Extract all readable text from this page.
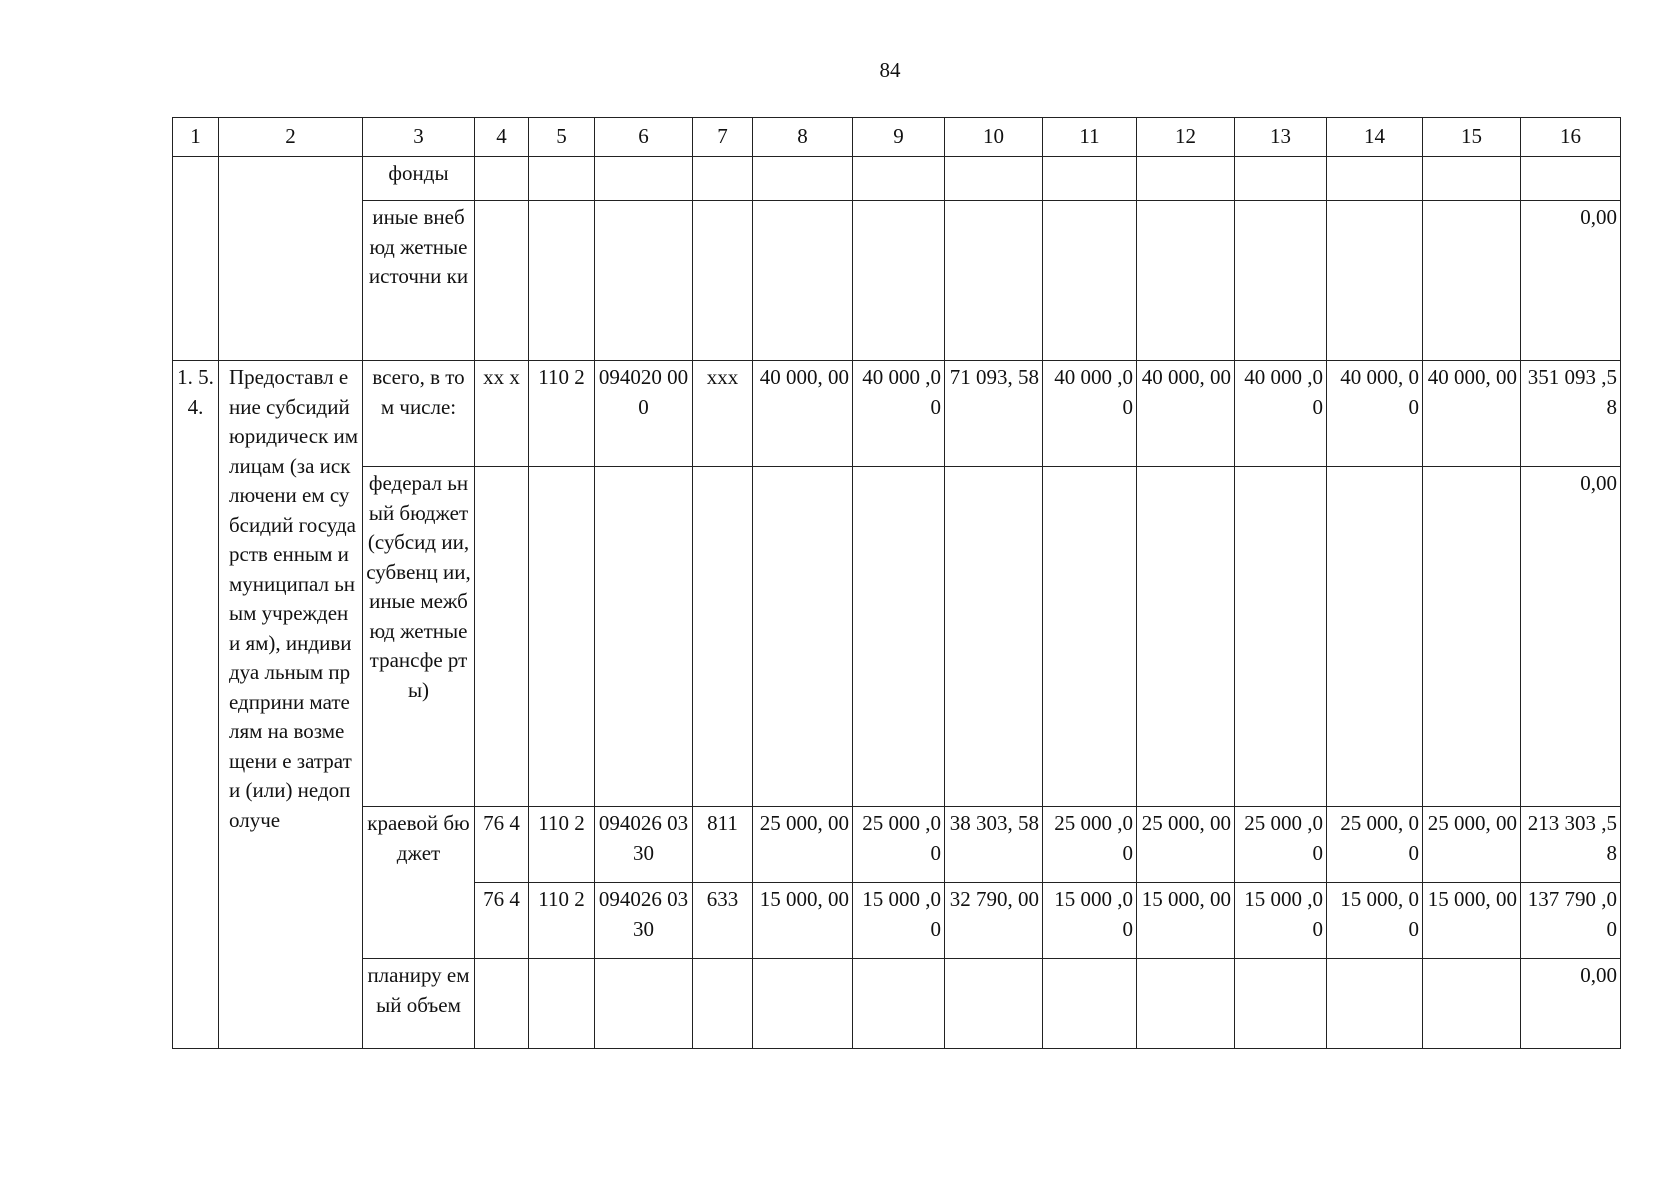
84
1	2	3	4	5	6	7	8	9	10	11	12	13	14	15	16
		фонды													
		иные внебюд жетные источни ки													0,00
1. 5. 4.	Предоставл ение субсидий юридическ им лицам (за исключени ем субсидий государств енным и муниципал ьным учреждени ям), индивидуа льным предприни мателям на возмещени е затрат и (или) недополуче	всего, в том числе:	хх х	110 2	094020 000	ххх	40 000, 00	40 000 ,00	71 093, 58	40 000 ,00	40 000, 00	40 000 ,00	40 000, 00	40 000, 00	351 093 ,58
		федерал ьный бюджет (субсид ии, субвенц ии, иные межбюд жетные трансфе рты)													0,00
		краевой бюджет	76 4	110 2	094026 0330	811	25 000, 00	25 000 ,00	38 303, 58	25 000 ,00	25 000, 00	25 000 ,00	25 000, 00	25 000, 00	213 303 ,58
			76 4	110 2	094026 0330	633	15 000, 00	15 000 ,00	32 790, 00	15 000 ,00	15 000, 00	15 000 ,00	15 000, 00	15 000, 00	137 790 ,00
		планиру емый объем													0,00
